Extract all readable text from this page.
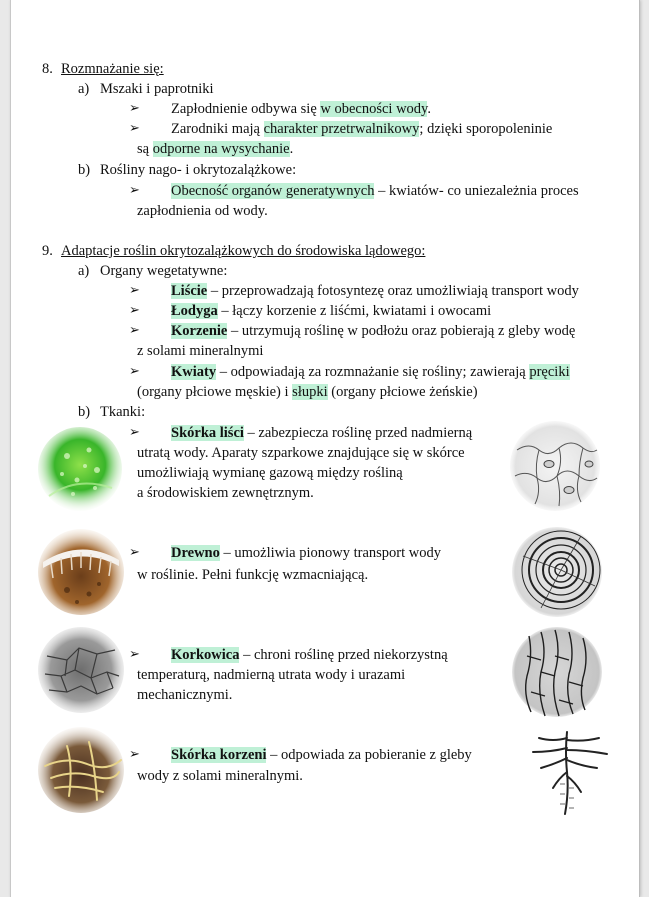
8. Rozmnażanie się:
a) Mszaki i paprotniki
➢ Zapłodnienie odbywa się w obecności wody.
➢ Zarodniki mają charakter przetrwalnikowy; dzięki sporopoleninie
są odporne na wysychanie.
b) Rośliny nago- i okrytozalążkowe:
➢ Obecność organów generatywnych – kwiatów- co uniezależnia proces
zapłodnienia od wody.
9. Adaptacje roślin okrytozalążkowych do środowiska lądowego:
a) Organy wegetatywne:
➢ Liście – przeprowadzają fotosyntezę oraz umożliwiają transport wody
➢ Łodyga – łączy korzenie z liśćmi, kwiatami i owocami
➢ Korzenie – utrzymują roślinę w podłożu oraz pobierają z gleby wodę
z solami mineralnymi
➢ Kwiaty – odpowiadają za rozmnażanie się rośliny; zawierają pręciki
(organy płciowe męskie) i słupki (organy płciowe żeńskie)
b) Tkanki:
➢ Skórka liści – zabezpiecza roślinę przed nadmierną
utratą wody. Aparaty szparkowe znajdujące się w skórce
umożliwiają wymianę gazową między rośliną
a środowiskiem zewnętrznym.
➢ Drewno – umożliwia pionowy transport wody
w roślinie. Pełni funkcję wzmacniającą.
➢ Korkowica – chroni roślinę przed niekorzystną
temperaturą, nadmierną utrata wody i urazami
mechanicznymi.
➢ Skórka korzeni – odpowiada za pobieranie z gleby
wody z solami mineralnymi.
